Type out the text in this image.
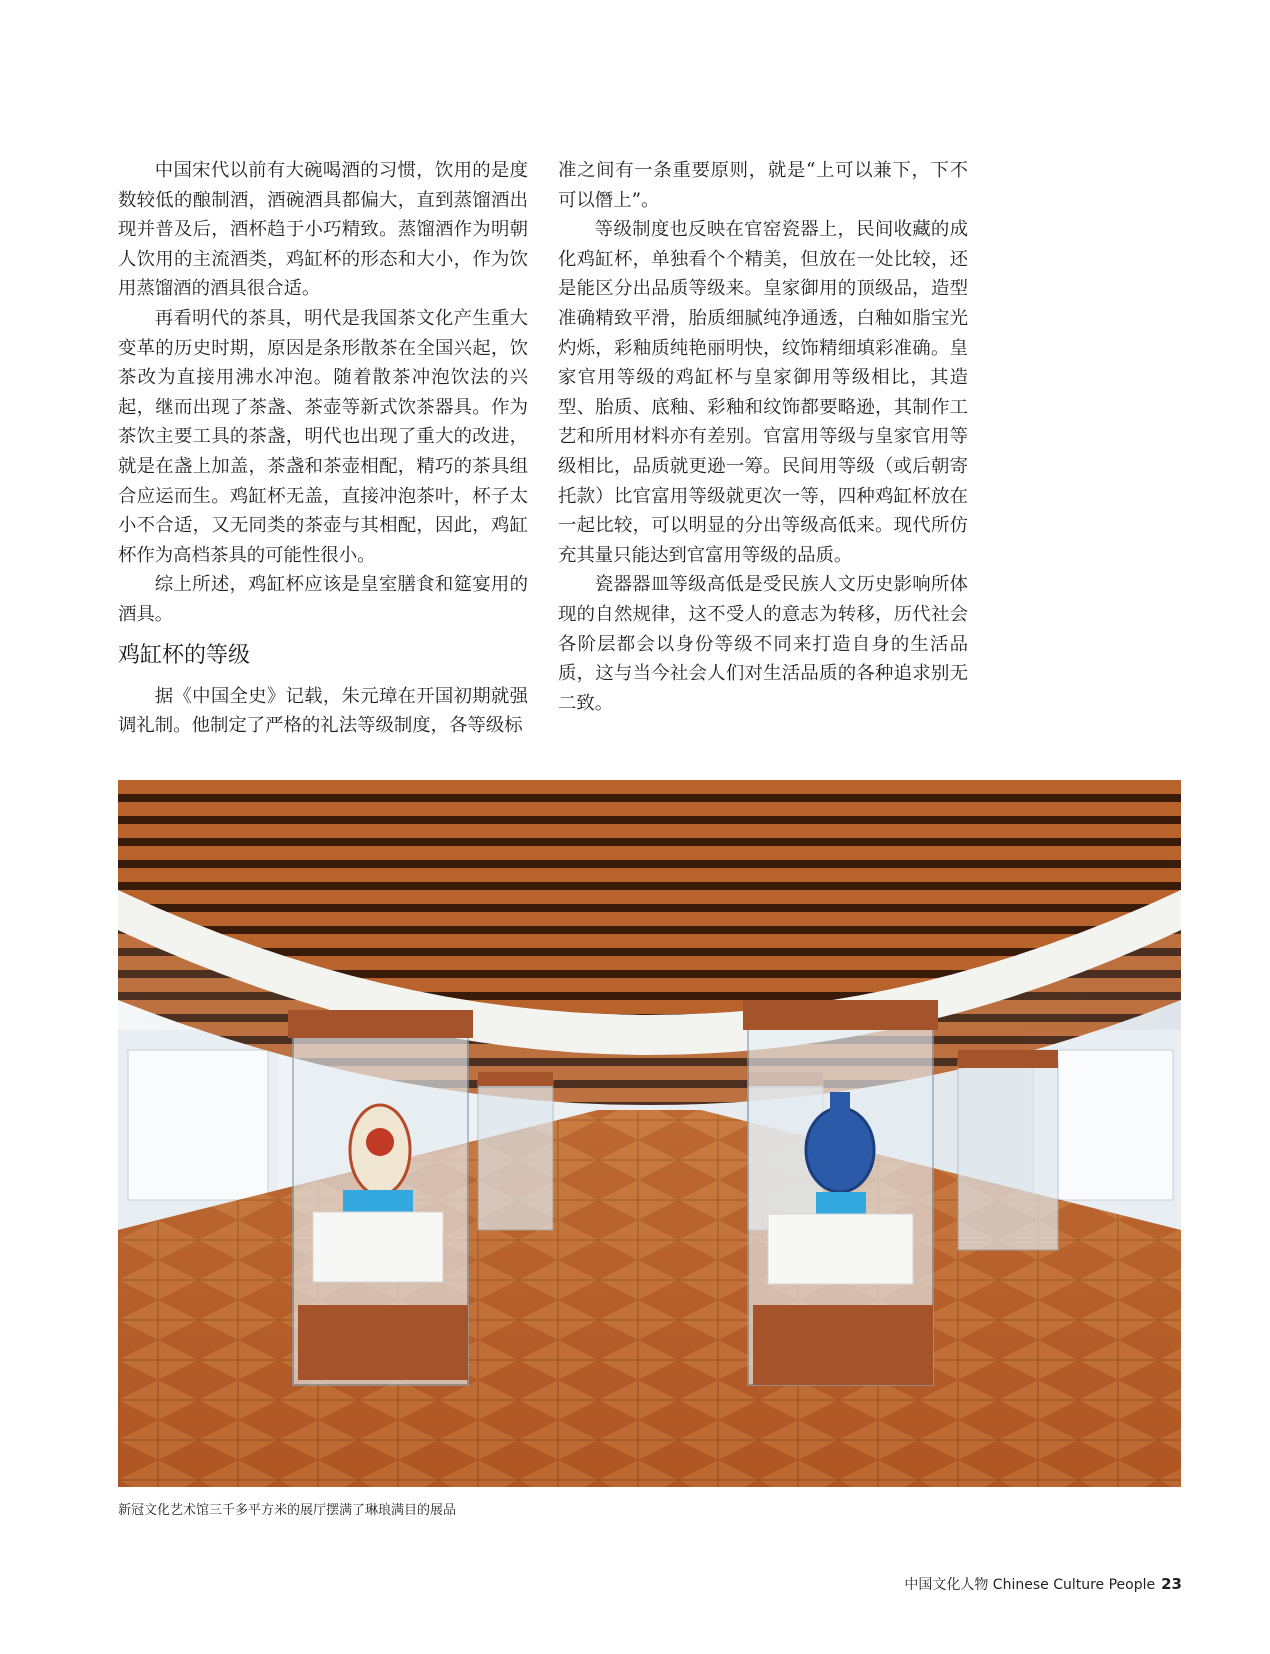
中国宋代以前有大碗喝酒的习惯，饮用的是度数较低的酿制酒，酒碗酒具都偏大，直到蒸馏酒出现并普及后，酒杯趋于小巧精致。蒸馏酒作为明朝人饮用的主流酒类，鸡缸杯的形态和大小，作为饮用蒸馏酒的酒具很合适。

再看明代的茶具，明代是我国茶文化产生重大变革的历史时期，原因是条形散茶在全国兴起，饮茶改为直接用沸水冲泡。随着散茶冲泡饮法的兴起，继而出现了茶盏、茶壶等新式饮茶器具。作为茶饮主要工具的茶盏，明代也出现了重大的改进，就是在盏上加盖，茶盏和茶壶相配，精巧的茶具组合应运而生。鸡缸杯无盖，直接冲泡茶叶，杯子太小不合适，又无同类的茶壶与其相配，因此，鸡缸杯作为高档茶具的可能性很小。

综上所述，鸡缸杯应该是皇室膳食和筵宴用的酒具。

鸡缸杯的等级

据《中国全史》记载，朱元璋在开国初期就强调礼制。他制定了严格的礼法等级制度，各等级标

准之间有一条重要原则，就是“上可以兼下，下不可以僭上”。

等级制度也反映在官窑瓷器上，民间收藏的成化鸡缸杯，单独看个个精美，但放在一处比较，还是能区分出品质等级来。皇家御用的顶级品，造型准确精致平滑，胎质细腻纯净通透，白釉如脂宝光灼烁，彩釉质纯艳丽明快，纹饰精细填彩准确。皇家官用等级的鸡缸杯与皇家御用等级相比，其造型、胎质、底釉、彩釉和纹饰都要略逊，其制作工艺和所用材料亦有差别。官富用等级与皇家官用等级相比，品质就更逊一筹。民间用等级（或后朝寄托款）比官富用等级就更次一等，四种鸡缸杯放在一起比较，可以明显的分出等级高低来。现代所仿充其量只能达到官富用等级的品质。

瓷器器皿等级高低是受民族人文历史影响所体现的自然规律，这不受人的意志为转移，历代社会各阶层都会以身份等级不同来打造自身的生活品质，这与当今社会人们对生活品质的各种追求别无二致。

新冠文化艺术馆三千多平方米的展厅摆满了琳琅满目的展品
中国文化人物 Chinese Culture People 23
